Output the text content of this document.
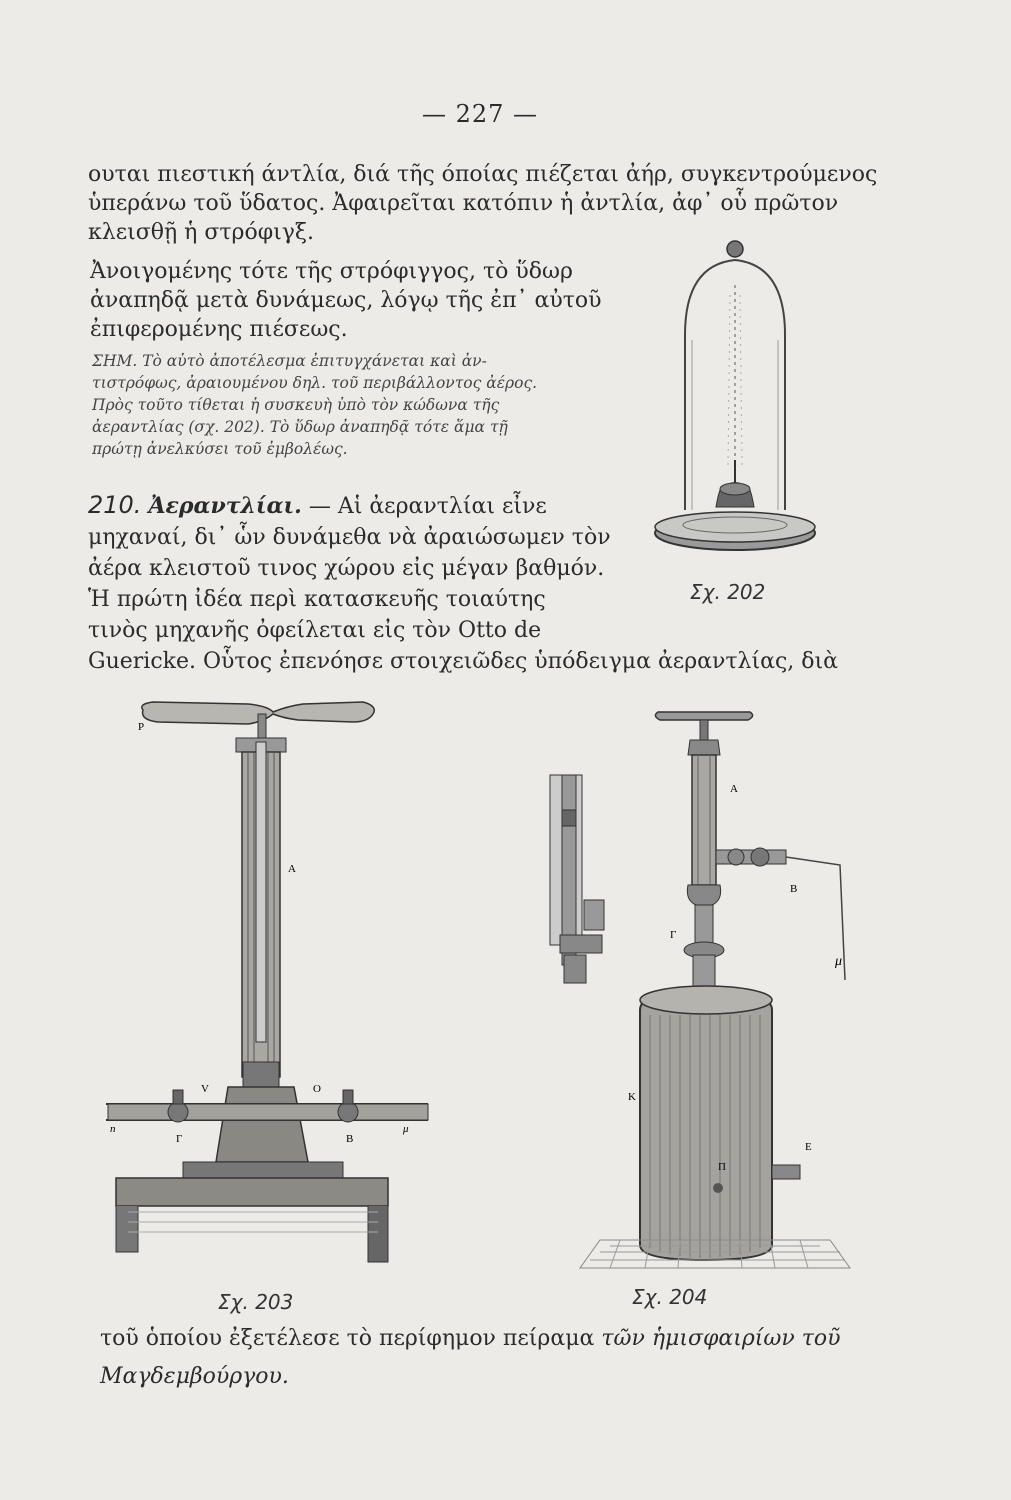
— 227 —
ουται πιεστική άντλία, διά τῆς όποίας πιέζεται ἀήρ, συγκεντρούμενος
ὑπεράνω τοῦ ὕδατος. Ἀφαιρεῖται κατόπιν ἡ ἀντλία, ἀφ᾽ οὗ πρῶτον
κλεισθῇ ἡ στρόφιγξ.
Ἀνοιγομένης τότε τῆς στρόφιγγος, τὸ ὕδωρ
ἀναπηδᾷ μετὰ δυνάμεως, λόγῳ τῆς ἐπ᾽ αὐτοῦ
ἐπιφερομένης πιέσεως.
ΣΗΜ. Τὸ αὐτὸ ἀποτέλεσμα ἐπιτυγχάνεται καὶ ἀν-
τιστρόφως, ἀραιουμένου δηλ. τοῦ περιβάλλοντος ἀέρος.
Πρὸς τοῦτο τίθεται ἡ συσκευὴ ὑπὸ τὸν κώδωνα τῆς
ἀεραντλίας (σχ. 202). Τὸ ὕδωρ ἀναπηδᾷ τότε ἅμα τῇ
πρώτῃ ἀνελκύσει τοῦ ἐμβολέως.
210. Ἀεραντλίαι. — Αἱ ἀεραντλίαι εἶνε
μηχαναί, δι᾽ ὧν δυνάμεθα νὰ ἀραιώσωμεν τὸν
ἀέρα κλειστοῦ τινος χώρου εἰς μέγαν βαθμόν.
Ἡ πρώτη ἰδέα περὶ κατασκευῆς τοιαύτης
τινὸς μηχανῆς ὀφείλεται εἰς τὸν Otto de
Guericke. Οὗτος ἐπενόησε στοιχειῶδες ὑπόδειγμα ἀεραντλίας, διὰ
Σχ. 202
P
A
V	O
n
Γ	B
μ
Σχ. 203
A
B
Γ
K
E
Π
μ
Σχ. 204
τοῦ ὁποίου ἐξετέλεσε τὸ περίφημον πείραμα τῶν ἡμισφαιρίων τοῦ
Μαγδεμβούργου.
